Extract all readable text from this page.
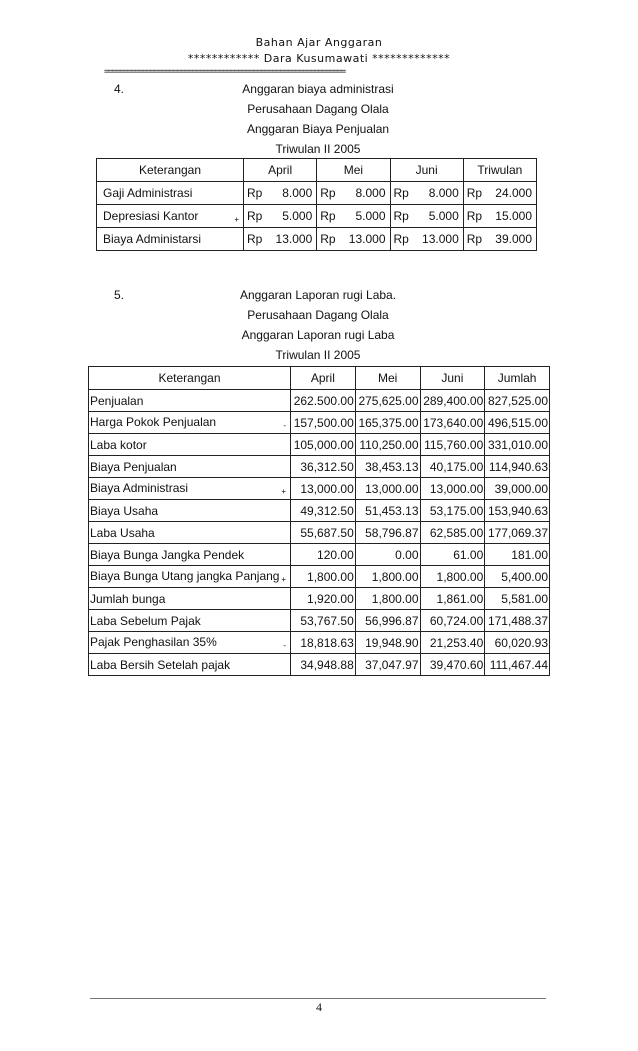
Bahan Ajar Anggaran
************ Dara Kusumawati *************
===============================================================
4.	Anggaran biaya administrasi
Perusahaan Dagang Olala
Anggaran Biaya Penjualan
Triwulan II 2005
Keterangan	April		Mei		Juni		Triwulan	
Gaji Administrasi	Rp	8.000	Rp	8.000	Rp	8.000	Rp	24.000
Depresiasi Kantor +	Rp	5.000	Rp	5.000	Rp	5.000	Rp	15.000
Biaya Administarsi	Rp	13.000	Rp	13.000	Rp	13.000	Rp	39.000
5.	Anggaran Laporan rugi Laba.
Perusahaan Dagang Olala
Anggaran Laporan rugi Laba
Triwulan II 2005
Keterangan	April	Mei	Juni	Jumlah
Penjualan	262.500.00	275,625.00	289,400.00	827,525.00
Harga Pokok Penjualan -	157,500.00	165,375.00	173,640.00	496,515.00
Laba kotor	105,000.00	110,250.00	115,760.00	331,010.00
Biaya Penjualan	36,312.50	38,453.13	40,175.00	114,940.63
Biaya Administrasi +	13,000.00	13,000.00	13,000.00	39,000.00
Biaya Usaha	49,312.50	51,453.13	53,175.00	153,940.63
Laba Usaha	55,687.50	58,796.87	62,585.00	177,069.37
Biaya Bunga Jangka Pendek	120.00	0.00	61.00	181.00
Biaya Bunga Utang jangka Panjang +	1,800.00	1,800.00	1,800.00	5,400.00
Jumlah bunga	1,920.00	1,800.00	1,861.00	5,581.00
Laba Sebelum Pajak	53,767.50	56,996.87	60,724.00	171,488.37
Pajak Penghasilan 35% -	18,818.63	19,948.90	21,253.40	60,020.93
Laba Bersih Setelah pajak	34,948.88	37,047.97	39,470.60	111,467.44
4
